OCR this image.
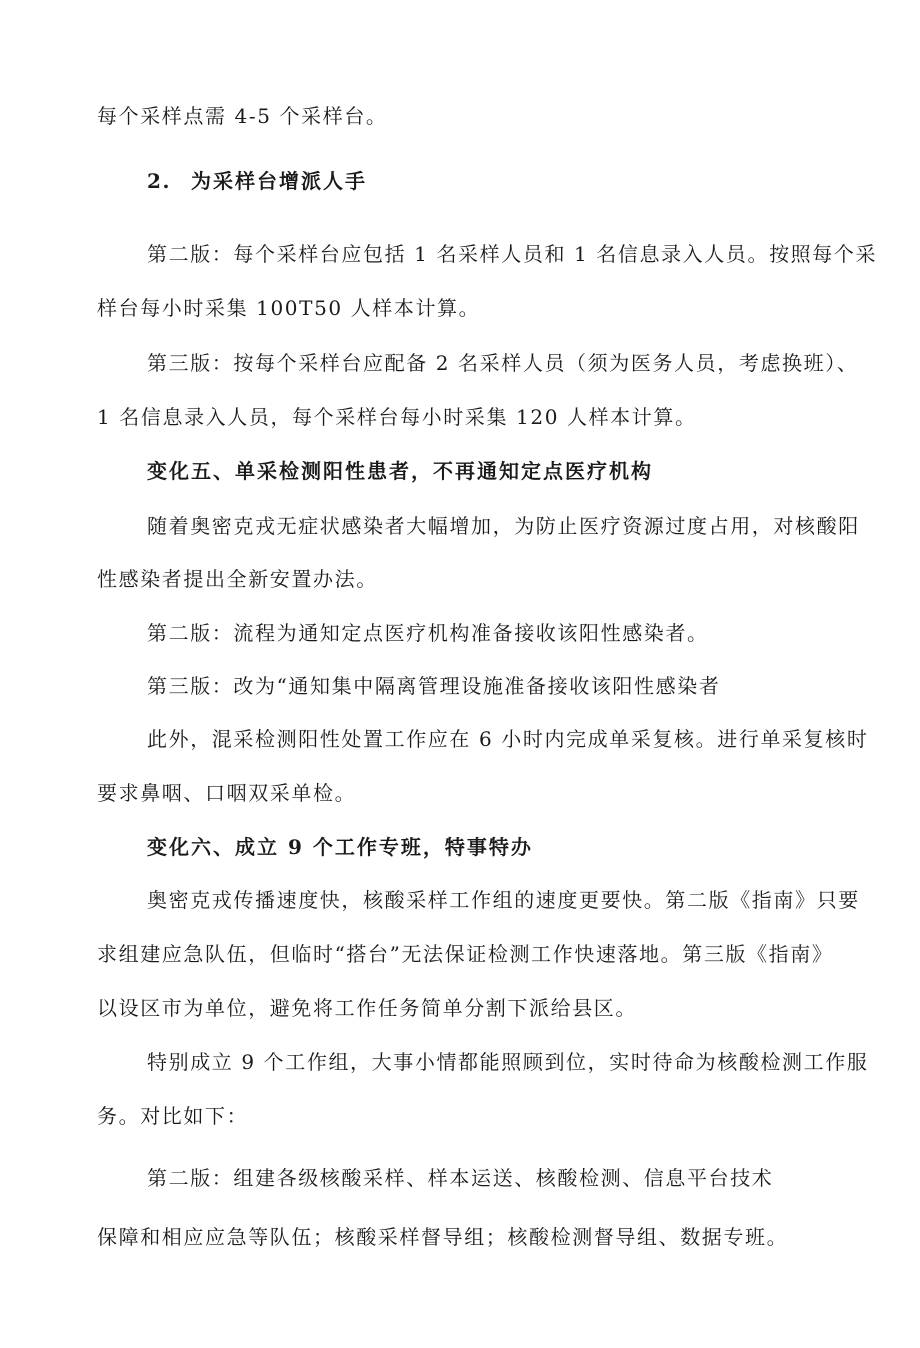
每个采样点需 4-5 个采样台。
2. 为采样台增派人手
第二版：每个采样台应包括 1 名采样人员和 1 名信息录入人员。按照每个采
样台每小时采集 100T50 人样本计算。
第三版：按每个采样台应配备 2 名采样人员（须为医务人员，考虑换班）、
1 名信息录入人员，每个采样台每小时采集 120 人样本计算。
变化五、单采检测阳性患者，不再通知定点医疗机构
随着奥密克戎无症状感染者大幅增加，为防止医疗资源过度占用，对核酸阳
性感染者提出全新安置办法。
第二版：流程为通知定点医疗机构准备接收该阳性感染者。
第三版：改为“通知集中隔离管理设施准备接收该阳性感染者
此外，混采检测阳性处置工作应在 6 小时内完成单采复核。进行单采复核时
要求鼻咽、口咽双采单检。
变化六、成立 9 个工作专班，特事特办
奥密克戎传播速度快，核酸采样工作组的速度更要快。第二版《指南》只要
求组建应急队伍，但临时“搭台”无法保证检测工作快速落地。第三版《指南》
以设区市为单位，避免将工作任务简单分割下派给县区。
特别成立 9 个工作组，大事小情都能照顾到位，实时待命为核酸检测工作服
务。对比如下：
第二版：组建各级核酸采样、样本运送、核酸检测、信息平台技术
保障和相应应急等队伍；核酸采样督导组；核酸检测督导组、数据专班。
